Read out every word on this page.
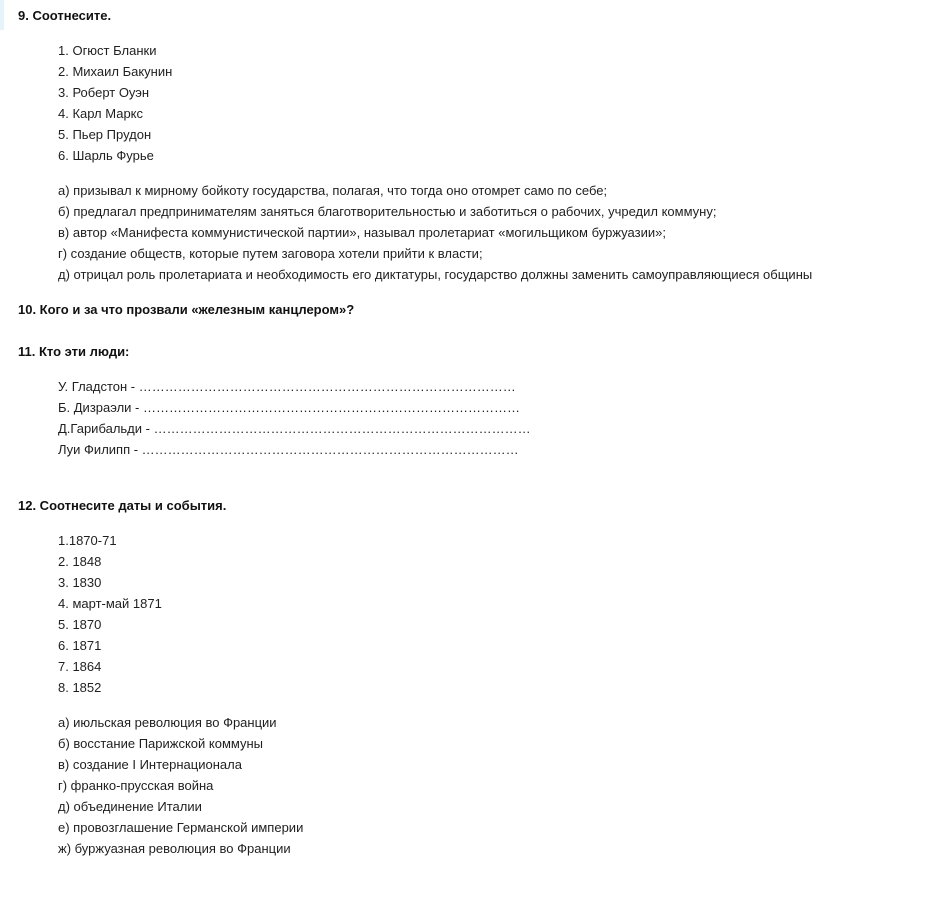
9. Соотнесите.
1. Огюст Бланки
2. Михаил Бакунин
3. Роберт Оуэн
4. Карл Маркс
5. Пьер Прудон
6. Шарль Фурье
а) призывал к мирному бойкоту государства, полагая, что тогда оно отомрет само по себе;
б) предлагал предпринимателям заняться благотворительностью и заботиться о рабочих, учредил коммуну;
в) автор «Манифеста коммунистической партии», называл пролетариат «могильщиком буржуазии»;
г) создание обществ, которые путем заговора хотели прийти к власти;
д) отрицал роль пролетариата и необходимость его диктатуры, государство должны заменить самоуправляющиеся общины
10. Кого и за что прозвали «железным канцлером»?
11. Кто эти люди:
У. Гладстон - ……………………………………………………………………………
Б. Дизраэли - ……………………………………………………………………………
Д.Гарибальди - ……………………………………………………………………………
Луи Филипп - ……………………………………………………………………………
12. Соотнесите даты и события.
1.1870-71
2. 1848
3. 1830
4. март-май 1871
5. 1870
6. 1871
7. 1864
8. 1852
а) июльская революция во Франции
б) восстание Парижской коммуны
в) создание I Интернационала
г) франко-прусская война
д) объединение Италии
е) провозглашение Германской империи
ж) буржуазная революция во Франции
